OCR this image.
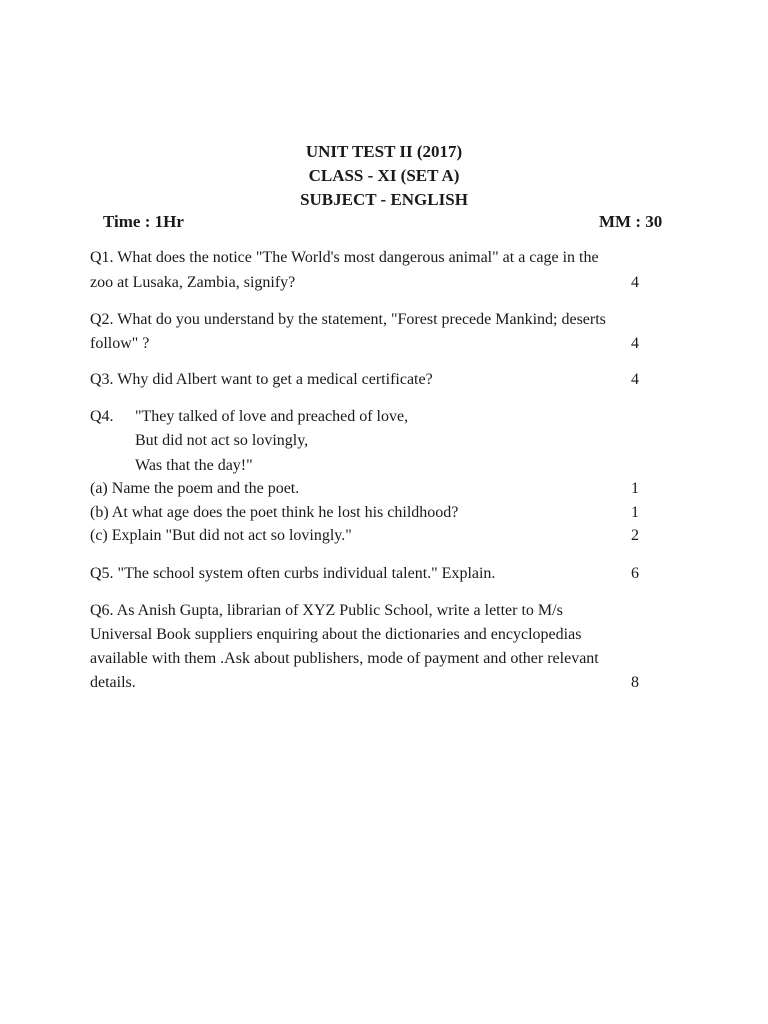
UNIT TEST II (2017)
CLASS - XI (SET A)
SUBJECT - ENGLISH
Time : 1Hr	MM : 30
Q1. What does the notice "The World's most dangerous animal" at a cage in the
zoo at Lusaka, Zambia, signify?	4
Q2. What do you understand by the statement, "Forest precede Mankind; deserts
follow" ?	4
Q3. Why did Albert want to get a medical certificate?	4
Q4. "They talked of love and preached of love,
But did not act so lovingly,
Was that the day!"
(a) Name the poem and the poet.	1
(b) At what age does the poet think he lost his childhood?	1
(c) Explain "But did not act so lovingly."	2
Q5. "The school system often curbs individual talent." Explain.	6
Q6. As Anish Gupta, librarian of XYZ Public School, write a letter to M/s
Universal Book suppliers enquiring about the dictionaries and encyclopedias
available with them .Ask about publishers, mode of payment and other relevant
details.	8
